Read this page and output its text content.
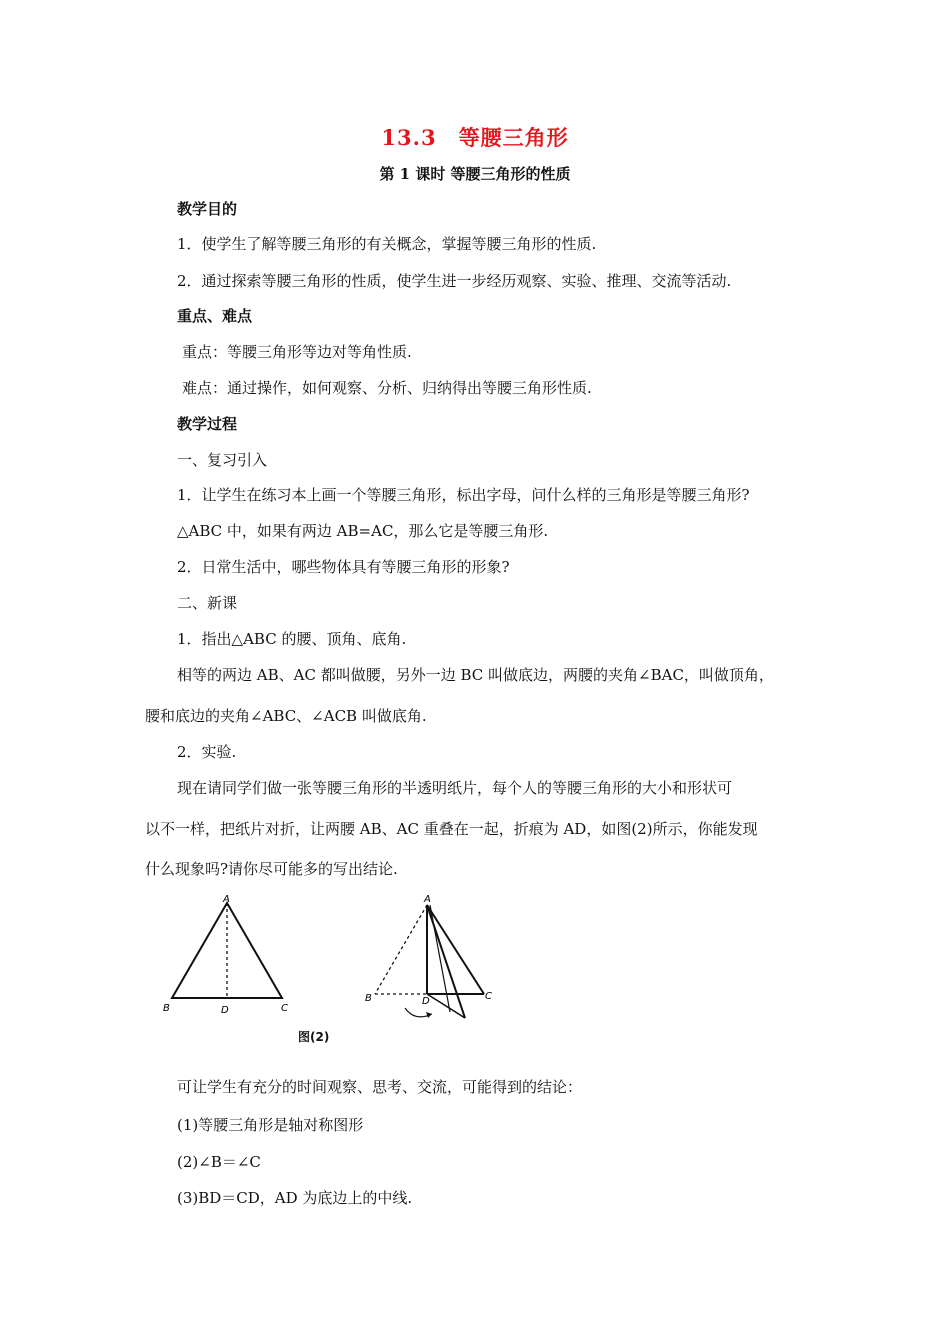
13.3　等腰三角形
第 1 课时 等腰三角形的性质
教学目的
1．使学生了解等腰三角形的有关概念，掌握等腰三角形的性质.
2．通过探索等腰三角形的性质，使学生进一步经历观察、实验、推理、交流等活动.
重点、难点
重点：等腰三角形等边对等角性质.
难点：通过操作，如何观察、分析、归纳得出等腰三角形性质.
教学过程
一、复习引入
1．让学生在练习本上画一个等腰三角形，标出字母，问什么样的三角形是等腰三角形?
△ABC 中，如果有两边 AB=AC，那么它是等腰三角形.
2．日常生活中，哪些物体具有等腰三角形的形象?
二、新课
1．指出△ABC 的腰、顶角、底角.
相等的两边 AB、AC 都叫做腰，另外一边 BC 叫做底边，两腰的夹角∠BAC，叫做顶角，
腰和底边的夹角∠ABC、∠ACB 叫做底角.
2．实验.
现在请同学们做一张等腰三角形的半透明纸片，每个人的等腰三角形的大小和形状可
以不一样，把纸片对折，让两腰 AB、AC 重叠在一起，折痕为 AD，如图(2)所示，你能发现
什么现象吗?请你尽可能多的写出结论.
A
B	C
D
A
B	C
D
图(2)
可让学生有充分的时间观察、思考、交流，可能得到的结论：
(1)等腰三角形是轴对称图形
(2)∠B＝∠C
(3)BD＝CD，AD 为底边上的中线.
